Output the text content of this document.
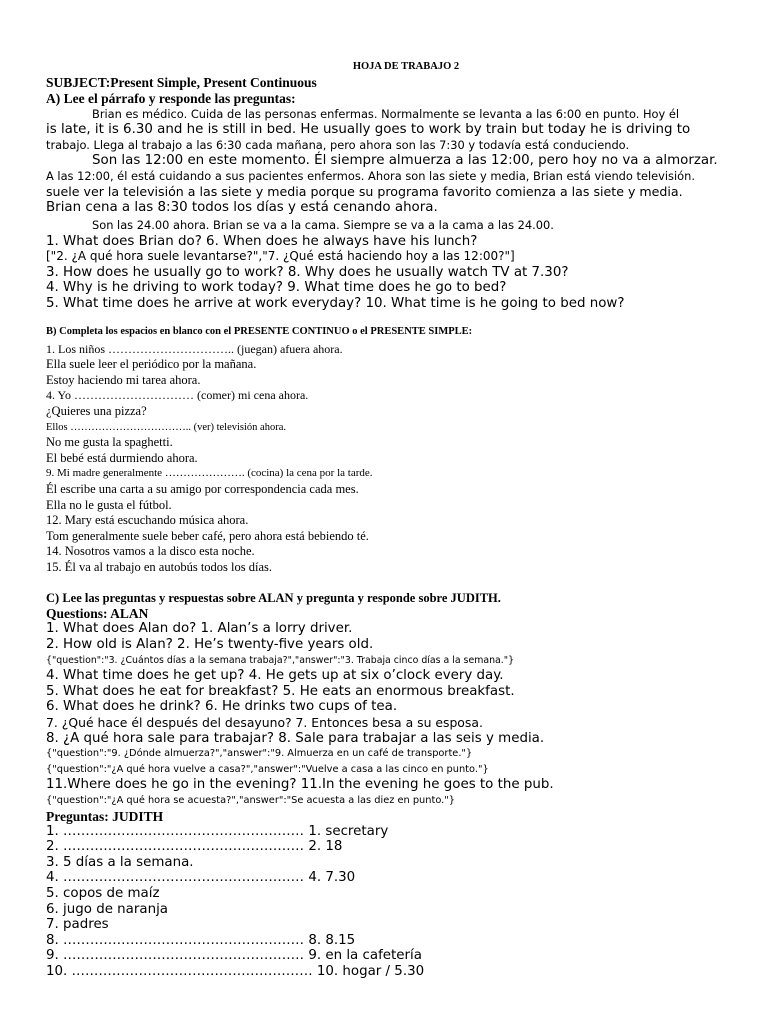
HOJA DE TRABAJO 2
SUBJECT:Present Simple, Present Continuous
A) Lee el párrafo y responde las preguntas:
Brian es médico. Cuida de las personas enfermas. Normalmente se levanta a las 6:00 en punto. Hoy él
is late, it is 6.30 and he is still in bed. He usually goes to work by train but today he is driving to
trabajo. Llega al trabajo a las 6:30 cada mañana, pero ahora son las 7:30 y todavía está conduciendo.
Son las 12:00 en este momento. Él siempre almuerza a las 12:00, pero hoy no va a almorzar.
A las 12:00, él está cuidando a sus pacientes enfermos. Ahora son las siete y media, Brian está viendo televisión.
suele ver la televisión a las siete y media porque su programa favorito comienza a las siete y media.
Brian cena a las 8:30 todos los días y está cenando ahora.
Son las 24.00 ahora. Brian se va a la cama. Siempre se va a la cama a las 24.00.
1. What does Brian do? 6. When does he always have his lunch?
["2. ¿A qué hora suele levantarse?","7. ¿Qué está haciendo hoy a las 12:00?"]
3. How does he usually go to work? 8. Why does he usually watch TV at 7.30?
4. Why is he driving to work today? 9. What time does he go to bed?
5. What time does he arrive at work everyday? 10. What time is he going to bed now?
B) Completa los espacios en blanco con el PRESENTE CONTINUO o el PRESENTE SIMPLE:
1. Los niños ………………………….. (juegan) afuera ahora.
Ella suele leer el periódico por la mañana.
Estoy haciendo mi tarea ahora.
4. Yo ………………………… (comer) mi cena ahora.
¿Quieres una pizza?
Ellos …………………………….. (ver) televisión ahora.
No me gusta la spaghetti.
El bebé está durmiendo ahora.
9. Mi madre generalmente …………………. (cocina) la cena por la tarde.
Él escribe una carta a su amigo por correspondencia cada mes.
Ella no le gusta el fútbol.
12. Mary está escuchando música ahora.
Tom generalmente suele beber café, pero ahora está bebiendo té.
14. Nosotros vamos a la disco esta noche.
15. Él va al trabajo en autobús todos los días.
C) Lee las preguntas y respuestas sobre ALAN y pregunta y responde sobre JUDITH.
Questions: ALAN
1. What does Alan do? 1. Alan’s a lorry driver.
2. How old is Alan? 2. He’s twenty-five years old.
{"question":"3. ¿Cuántos días a la semana trabaja?","answer":"3. Trabaja cinco días a la semana."}
4. What time does he get up? 4. He gets up at six o’clock every day.
5. What does he eat for breakfast? 5. He eats an enormous breakfast.
6. What does he drink? 6. He drinks two cups of tea.
7. ¿Qué hace él después del desayuno? 7. Entonces besa a su esposa.
8. ¿A qué hora sale para trabajar? 8. Sale para trabajar a las seis y media.
{"question":"9. ¿Dónde almuerza?","answer":"9. Almuerza en un café de transporte."}
{"question":"¿A qué hora vuelve a casa?","answer":"Vuelve a casa a las cinco en punto."}
11.Where does he go in the evening? 11.In the evening he goes to the pub.
{"question":"¿A qué hora se acuesta?","answer":"Se acuesta a las diez en punto."}
Preguntas: JUDITH
1. ……………………………………………… 1. secretary
2. ……………………………………………… 2. 18
3. 5 días a la semana.
4. ……………………………………………… 4. 7.30
5. copos de maíz
6. jugo de naranja
7. padres
8. ……………………………………………… 8. 8.15
9. ……………………………………………… 9. en la cafetería
10. ……………………………………………… 10. hogar / 5.30
